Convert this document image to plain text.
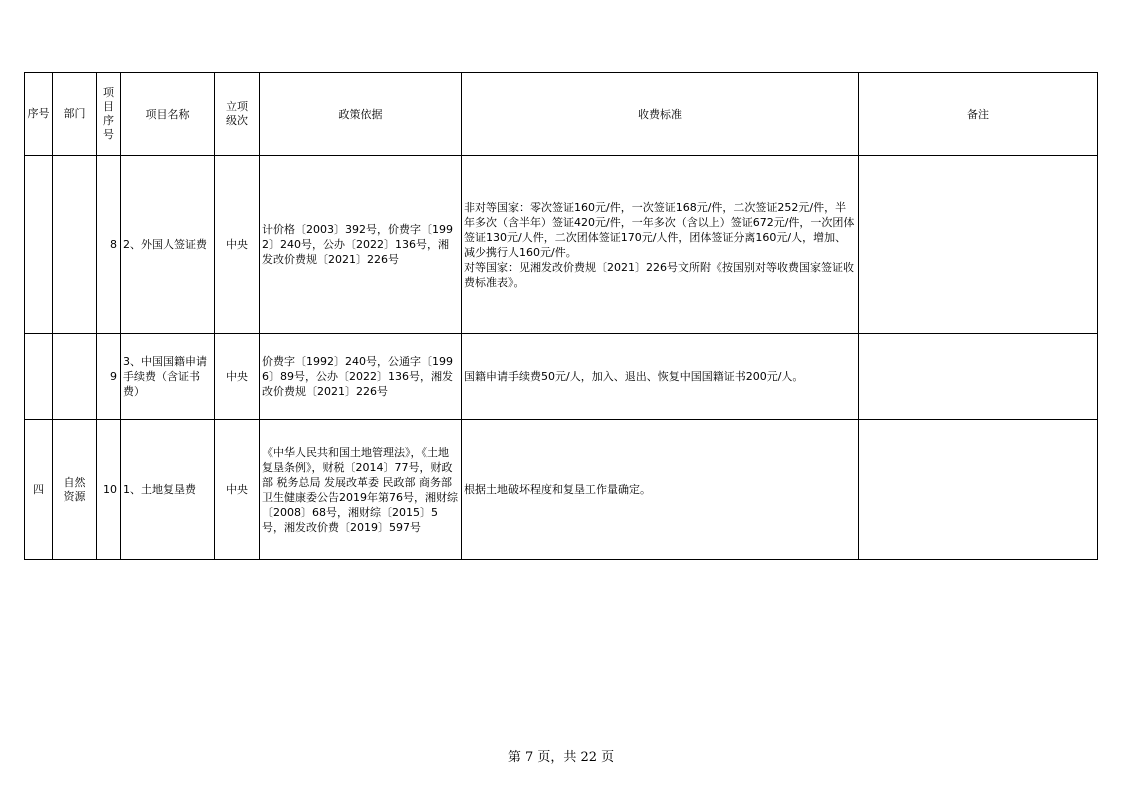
序号	部门	项目序号	项目名称	立项级次	政策依据	收费标准	备注
		8	2、外国人签证费	中央	计价格〔2003〕392号，价费字〔1992〕240号，公办〔2022〕136号，湘发改价费规〔2021〕226号	非对等国家：零次签证160元/件，一次签证168元/件，二次签证252元/件，半年多次（含半年）签证420元/件，一年多次（含以上）签证672元/件，一次团体签证130元/人件，二次团体签证170元/人件，团体签证分离160元/人，增加、减少携行人160元/件。
对等国家：见湘发改价费规〔2021〕226号文所附《按国别对等收费国家签证收费标准表》。	

		9	3、中国国籍申请手续费（含证书费）	中央	价费字〔1992〕240号，公通字〔1996〕89号，公办〔2022〕136号，湘发改价费规〔2021〕226号	国籍申请手续费50元/人，加入、退出、恢复中国国籍证书200元/人。	

四	自然资源	10	1、土地复垦费	中央	《中华人民共和国土地管理法》，《土地复垦条例》，财税〔2014〕77号，财政部 税务总局 发展改革委 民政部 商务部 卫生健康委公告2019年第76号，湘财综〔2008〕68号，湘财综〔2015〕5号，湘发改价费〔2019〕597号	根据土地破坏程度和复垦工作量确定。	

第 7 页，共 22 页
